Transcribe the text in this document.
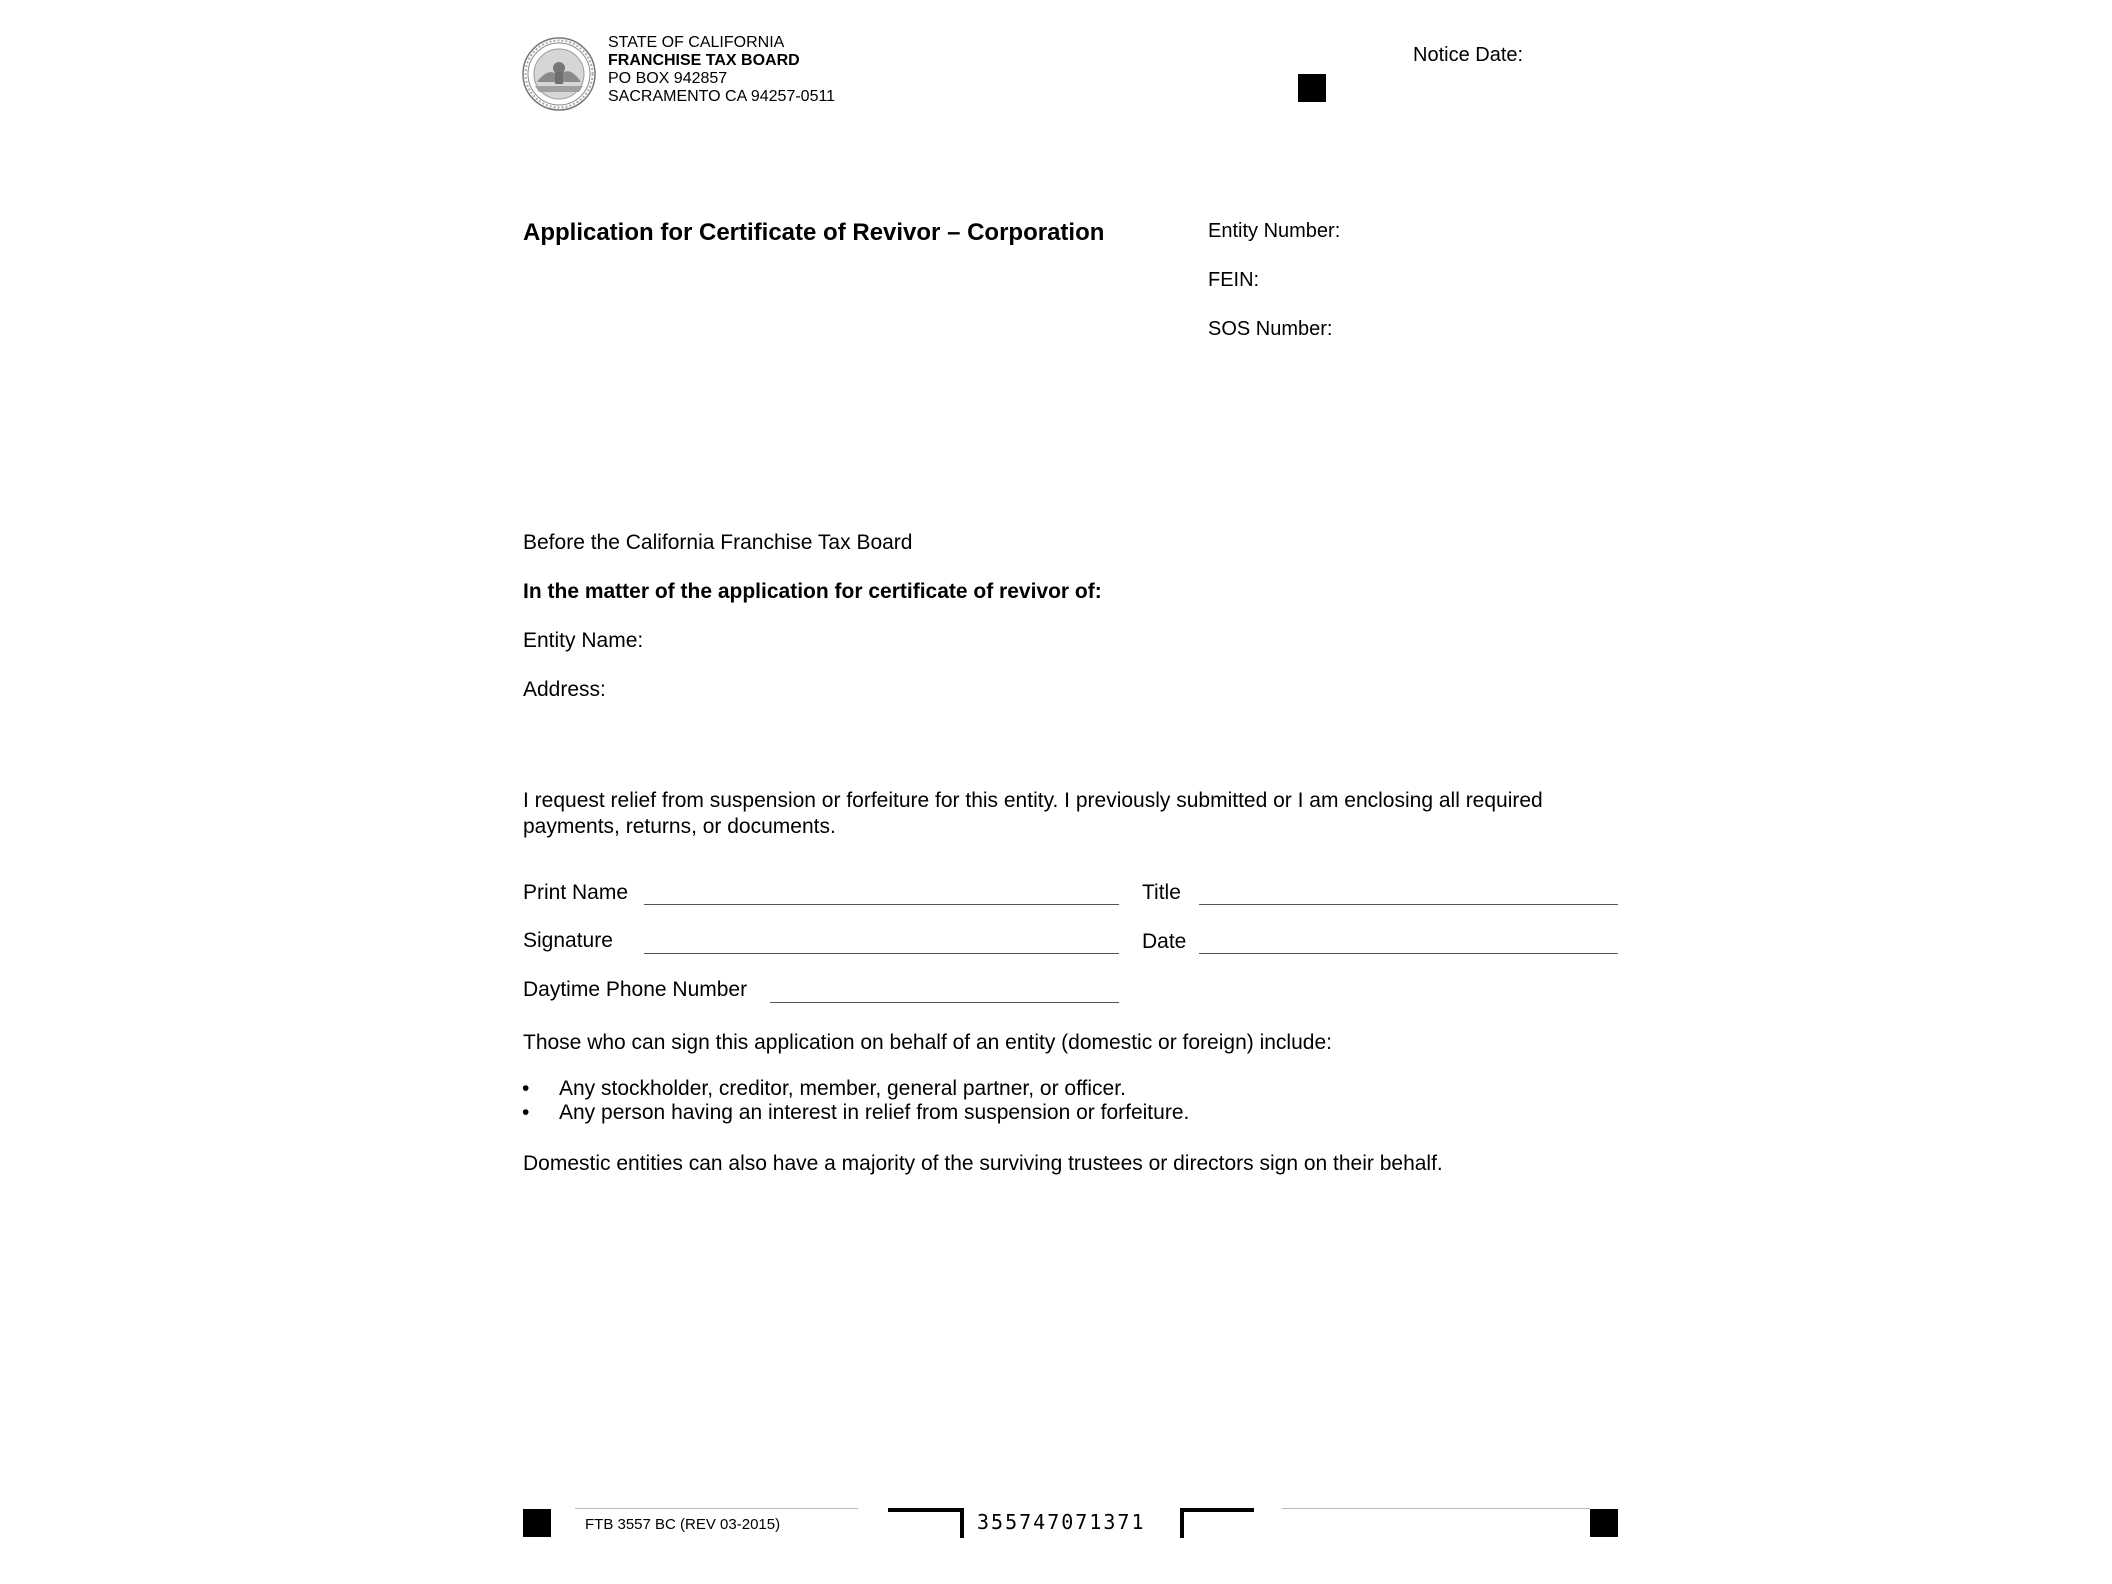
STATE OF CALIFORNIA
FRANCHISE TAX BOARD
PO BOX 942857
SACRAMENTO CA 94257-0511
Notice Date:
Application for Certificate of Revivor – Corporation	Entity Number:
FEIN:
SOS Number:
Before the California Franchise Tax Board
In the matter of the application for certificate of revivor of:
Entity Name:
Address:
I request relief from suspension or forfeiture for this entity. I previously submitted or I am enclosing all required
payments, returns, or documents.
Print Name	Title
Signature	Date
Daytime Phone Number
Those who can sign this application on behalf of an entity (domestic or foreign) include:
• Any stockholder, creditor, member, general partner, or officer.
• Any person having an interest in relief from suspension or forfeiture.
Domestic entities can also have a majority of the surviving trustees or directors sign on their behalf.
FTB 3557 BC (REV 03-2015)	355747071371
